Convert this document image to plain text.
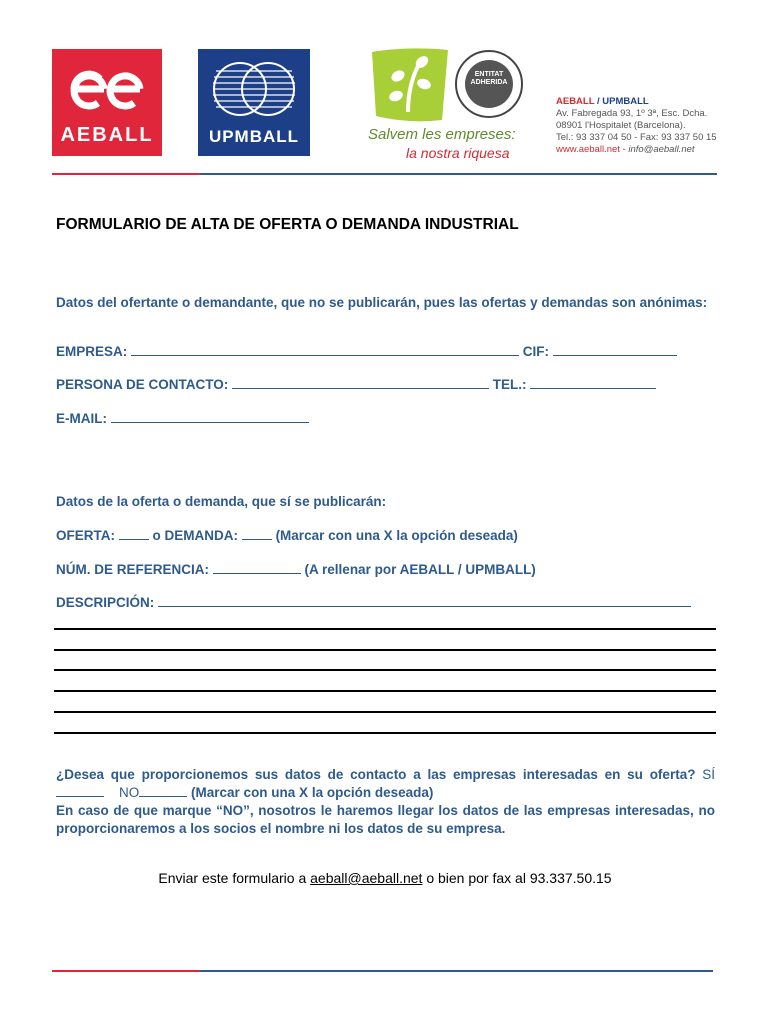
AEBALL	UPMBALL
ENTITAT
ADHERIDA
Salvem les empreses:
la nostra riquesa
AEBALL / UPMBALL
Av. Fabregada 93, 1º 3ª, Esc. Dcha.
08901 l'Hospitalet (Barcelona).
Tel.: 93 337 04 50 - Fax: 93 337 50 15
www.aeball.net - info@aeball.net
FORMULARIO DE ALTA DE OFERTA O DEMANDA INDUSTRIAL
Datos del ofertante o demandante, que no se publicarán, pues las ofertas y demandas son anónimas:
EMPRESA:	CIF:
PERSONA DE CONTACTO:	TEL.:
E-MAIL:
Datos de la oferta o demanda, que sí se publicarán:
OFERTA:	o DEMANDA:	(Marcar con una X la opción deseada)
NÚM. DE REFERENCIA:	(A rellenar por AEBALL / UPMBALL)
DESCRIPCIÓN:
¿Desea que proporcionemos sus datos de contacto a las empresas interesadas en su oferta? SÍ     NO	(Marcar con una X la opción deseada)
En caso de que marque “NO”, nosotros le haremos llegar los datos de las empresas interesadas, no proporcionaremos a los socios el nombre ni los datos de su empresa.
Enviar este formulario a aeball@aeball.net o bien por fax al 93.337.50.15
